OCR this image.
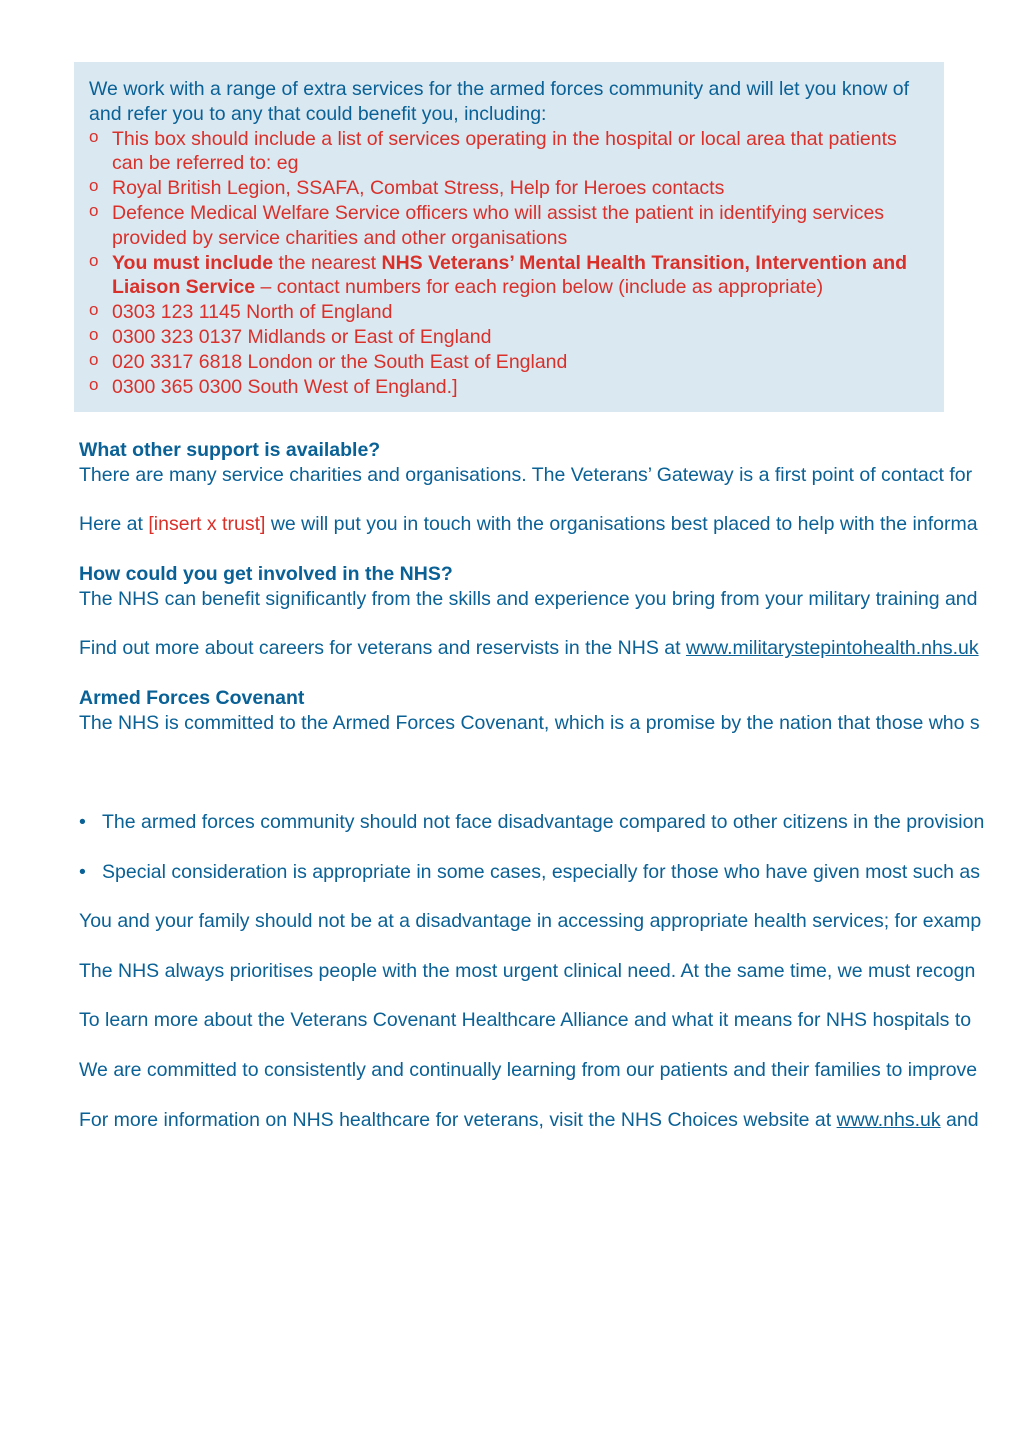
We work with a range of extra services for the armed forces community and will let you know of and refer you to any that could benefit you, including:

o This box should include a list of services operating in the hospital or local area that patients can be referred to: eg
o Royal British Legion, SSAFA, Combat Stress, Help for Heroes contacts
o Defence Medical Welfare Service officers who will assist the patient in identifying services provided by service charities and other organisations
o You must include the nearest NHS Veterans’ Mental Health Transition, Intervention and Liaison Service – contact numbers for each region below (include as appropriate)
o 0303 123 1145 North of England
o 0300 323 0137 Midlands or East of England
o 020 3317 6818 London or the South East of England
o 0300 365 0300 South West of England.]

What other support is available?

There are many service charities and organisations. The Veterans’ Gateway is a first point of contact for

Here at [insert x trust] we will put you in touch with the organisations best placed to help with the informa

How could you get involved in the NHS?

The NHS can benefit significantly from the skills and experience you bring from your military training and

Find out more about careers for veterans and reservists in the NHS at www.militarystepintohealth.nhs.uk

Armed Forces Covenant

The NHS is committed to the Armed Forces Covenant, which is a promise by the nation that those who s

• The armed forces community should not face disadvantage compared to other citizens in the provision

• Special consideration is appropriate in some cases, especially for those who have given most such as

You and your family should not be at a disadvantage in accessing appropriate health services; for examp

The NHS always prioritises people with the most urgent clinical need. At the same time, we must recogn

To learn more about the Veterans Covenant Healthcare Alliance and what it means for NHS hospitals to

We are committed to consistently and continually learning from our patients and their families to improve

For more information on NHS healthcare for veterans, visit the NHS Choices website at www.nhs.uk and
